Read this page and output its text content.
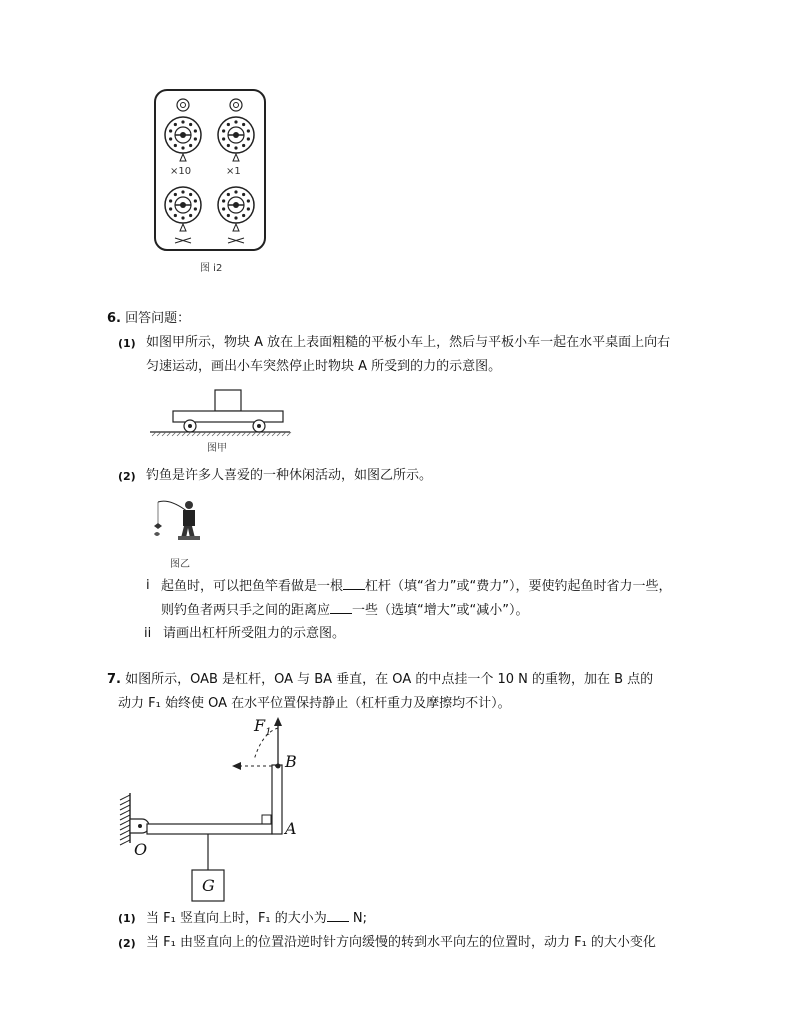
×10	×1
图 ⅰ2
6. 回答问题：
(1) 如图甲所示，物块 A 放在上表面粗糙的平板小车上，然后与平板小车一起在水平桌面上向右
匀速运动，画出小车突然停止时物块 A 所受到的力的示意图。
图甲
(2) 钓鱼是许多人喜爱的一种休闲活动，如图乙所示。
图乙
i 起鱼时，可以把鱼竿看做是一根 杠杆（填“省力”或“费力”），要使钓起鱼时省力一些，
则钓鱼者两只手之间的距离应 一些（选填“增大”或“减小”）。
ii 请画出杠杆所受阻力的示意图。
7. 如图所示，OAB 是杠杆，OA 与 BA 垂直，在 OA 的中点挂一个 10 N 的重物，加在 B 点的
动力 F₁ 始终使 OA 在水平位置保持静止（杠杆重力及摩擦均不计）。
$F_1$
B
A
O
G
(1) 当 F₁ 竖直向上时，F₁ 的大小为 N;
(2) 当 F₁ 由竖直向上的位置沿逆时针方向缓慢的转到水平向左的位置时，动力 F₁ 的大小变化
